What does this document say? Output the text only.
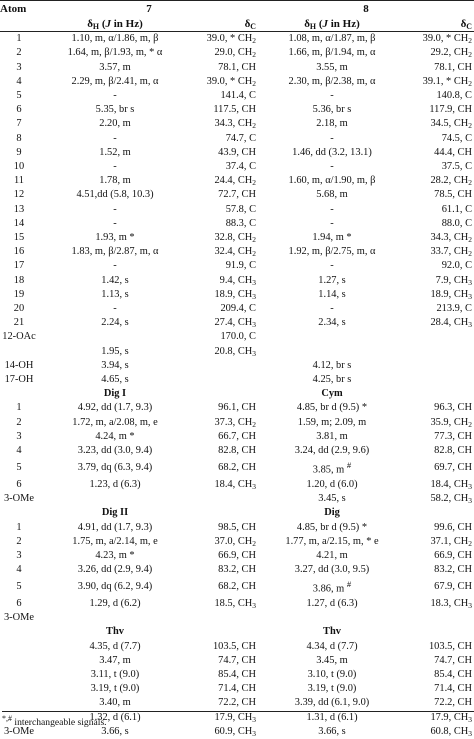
Atom	7		8	
	$\delta_H$ (J in Hz)	$\delta_C$	$\delta_H$ (J in Hz)	$\delta_C$
1	1.10, m, α/1.86, m, β	39.0, * $CH_2$	1.08, m, α/1.87, m, β	39.0, * $CH_2$
2	1.64, m, β/1.93, m, * α	29.0, $CH_2$	1.66, m, β/1.94, m, α	29.2, $CH_2$
3	3.57, m	78.1, CH	3.55, m	78.1, CH
4	2.29, m, β/2.41, m, α	39.0, * $CH_2$	2.30, m, β/2.38, m, α	39.1, * $CH_2$
5	-	141.4, C	-	140.8, C
6	5.35, br s	117.5, CH	5.36, br s	117.9, CH
7	2.20, m	34.3, $CH_2$	2.18, m	34.5, $CH_2$
8	-	74.7, C	-	74.5, C
9	1.52, m	43.9, CH	1.46, dd (3.2, 13.1)	44.4, CH
10	-	37.4, C	-	37.5, C
11	1.78, m	24.4, $CH_2$	1.60, m, α/1.90, m, β	28.2, $CH_2$
12	4.51,dd (5.8, 10.3)	72.7, CH	5.68, m	78.5, CH
13	-	57.8, C	-	61.1, C
14	-	88.3, C	-	88.0, C
15	1.93, m *	32.8, $CH_2$	1.94, m *	34.3, $CH_2$
16	1.83, m, β/2.87, m, α	32.4, $CH_2$	1.92, m, β/2.75, m, α	33.7, $CH_2$
17	-	91.9, C	-	92.0, C
18	1.42, s	9.4, $CH_3$	1.27, s	7.9, $CH_3$
19	1.13, s	18.9, $CH_3$	1.14, s	18.9, $CH_3$
20	-	209.4, C	-	213.9, C
21	2.24, s	27.4, $CH_3$	2.34, s	28.4, $CH_3$
12-OAc		170.0, C		
	1.95, s	20.8, $CH_3$		
14-OH	3.94, s		4.12, br s	
17-OH	4.65, s		4.25, br s	
	Dig I		Cym	
1	4.92, dd (1.7, 9.3)	96.1, CH	4.85, br d (9.5) *	96.3, CH
2	1.72, m, a/2.08, m, e	37.3, $CH_2$	1.59, m; 2.09, m	35.9, $CH_2$
3	4.24, m *	66.7, CH	3.81, m	77.3, CH
4	3.23, dd (3.0, 9.4)	82.8, CH	3.24, dd (2.9, 9.6)	82.8, CH
5	3.79, dq (6.3, 9.4)	68.2, CH	3.85, m #	69.7, CH
6	1.23, d (6.3)	18.4, $CH_3$	1.20, d (6.0)	18.4, $CH_3$
3-OMe			3.45, s	58.2, $CH_3$
	Dig II		Dig	
1	4.91, dd (1.7, 9.3)	98.5, CH	4.85, br d (9.5) *	99.6, CH
2	1.75, m, a/2.14, m, e	37.0, $CH_2$	1.77, m, a/2.15, m, * e	37.1, $CH_2$
3	4.23, m *	66.9, CH	4.21, m	66.9, CH
4	3.26, dd (2.9, 9.4)	83.2, CH	3.27, dd (3.0, 9.5)	83.2, CH
5	3.90, dq (6.2, 9.4)	68.2, CH	3.86, m #	67.9, CH
6	1.29, d (6.2)	18.5, $CH_3$	1.27, d (6.3)	18.3, $CH_3$
3-OMe				
	Thv		Thv	
	4.35, d (7.7)	103.5, CH	4.34, d (7.7)	103.5, CH
	3.47, m	74.7, CH	3.45, m	74.7, CH
	3.11, t (9.0)	85.4, CH	3.10, t (9.0)	85.4, CH
	3.19, t (9.0)	71.4, CH	3.19, t (9.0)	71.4, CH
	3.40, m	72.2, CH	3.39, dd (6.1, 9.0)	72.2, CH
	1.32, d (6.1)	17.9, $CH_3$	1.31, d (6.1)	17.9, $CH_3$
3-OMe	3.66, s	60.9, $CH_3$	3.66, s	60.8, $CH_3$
*,# interchangeable signals.
